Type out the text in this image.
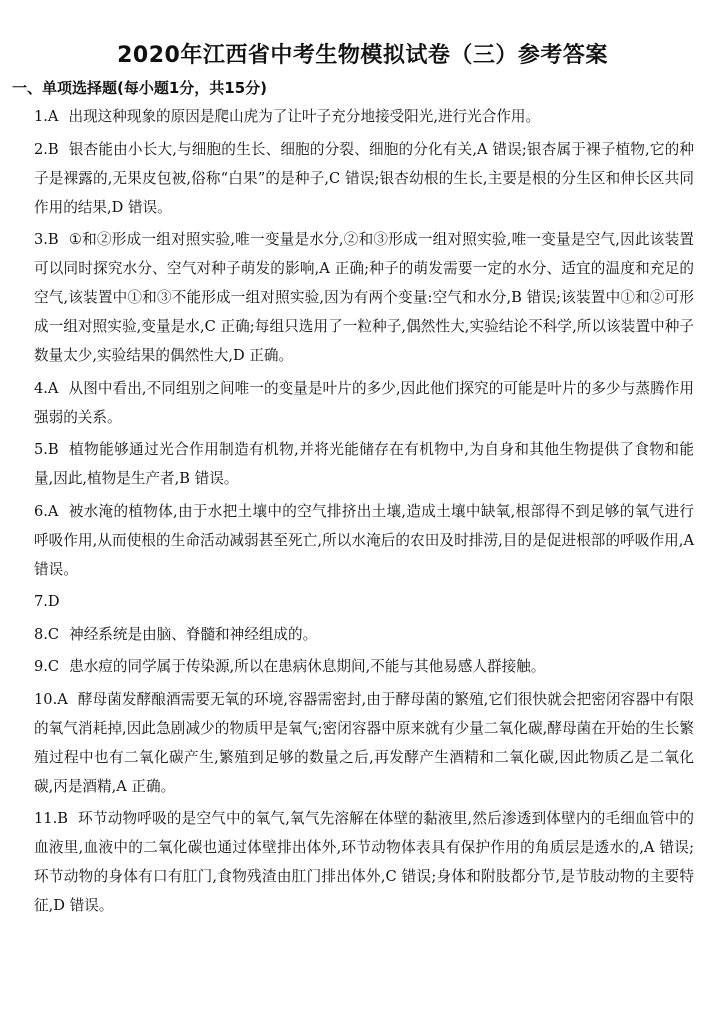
2020年江西省中考生物模拟试卷（三）参考答案
一、单项选择题(每小题1分，共15分)
1.A 出现这种现象的原因是爬山虎为了让叶子充分地接受阳光,进行光合作用。
2.B 银杏能由小长大,与细胞的生长、细胞的分裂、细胞的分化有关,A 错误;银杏属于裸子植物,它的种子是裸露的,无果皮包被,俗称“白果”的是种子,C 错误;银杏幼根的生长,主要是根的分生区和伸长区共同作用的结果,D 错误。
3.B ①和②形成一组对照实验,唯一变量是水分,②和③形成一组对照实验,唯一变量是空气,因此该装置可以同时探究水分、空气对种子萌发的影响,A 正确;种子的萌发需要一定的水分、适宜的温度和充足的空气,该装置中①和③不能形成一组对照实验,因为有两个变量:空气和水分,B 错误;该装置中①和②可形成一组对照实验,变量是水,C 正确;每组只选用了一粒种子,偶然性大,实验结论不科学,所以该装置中种子数量太少,实验结果的偶然性大,D 正确。
4.A 从图中看出,不同组别之间唯一的变量是叶片的多少,因此他们探究的可能是叶片的多少与蒸腾作用强弱的关系。
5.B 植物能够通过光合作用制造有机物,并将光能储存在有机物中,为自身和其他生物提供了食物和能量,因此,植物是生产者,B 错误。
6.A 被水淹的植物体,由于水把土壤中的空气排挤出土壤,造成土壤中缺氧,根部得不到足够的氧气进行呼吸作用,从而使根的生命活动减弱甚至死亡,所以水淹后的农田及时排涝,目的是促进根部的呼吸作用,A 错误。
7.D
8.C 神经系统是由脑、脊髓和神经组成的。
9.C 患水痘的同学属于传染源,所以在患病休息期间,不能与其他易感人群接触。
10.A 酵母菌发酵酿酒需要无氧的环境,容器需密封,由于酵母菌的繁殖,它们很快就会把密闭容器中有限的氧气消耗掉,因此急剧减少的物质甲是氧气;密闭容器中原来就有少量二氧化碳,酵母菌在开始的生长繁殖过程中也有二氧化碳产生,繁殖到足够的数量之后,再发酵产生酒精和二氧化碳,因此物质乙是二氧化碳,丙是酒精,A 正确。
11.B 环节动物呼吸的是空气中的氧气,氧气先溶解在体壁的黏液里,然后渗透到体壁内的毛细血管中的血液里,血液中的二氧化碳也通过体壁排出体外,环节动物体表具有保护作用的角质层是透水的,A 错误;环节动物的身体有口有肛门,食物残渣由肛门排出体外,C 错误;身体和附肢都分节,是节肢动物的主要特征,D 错误。
